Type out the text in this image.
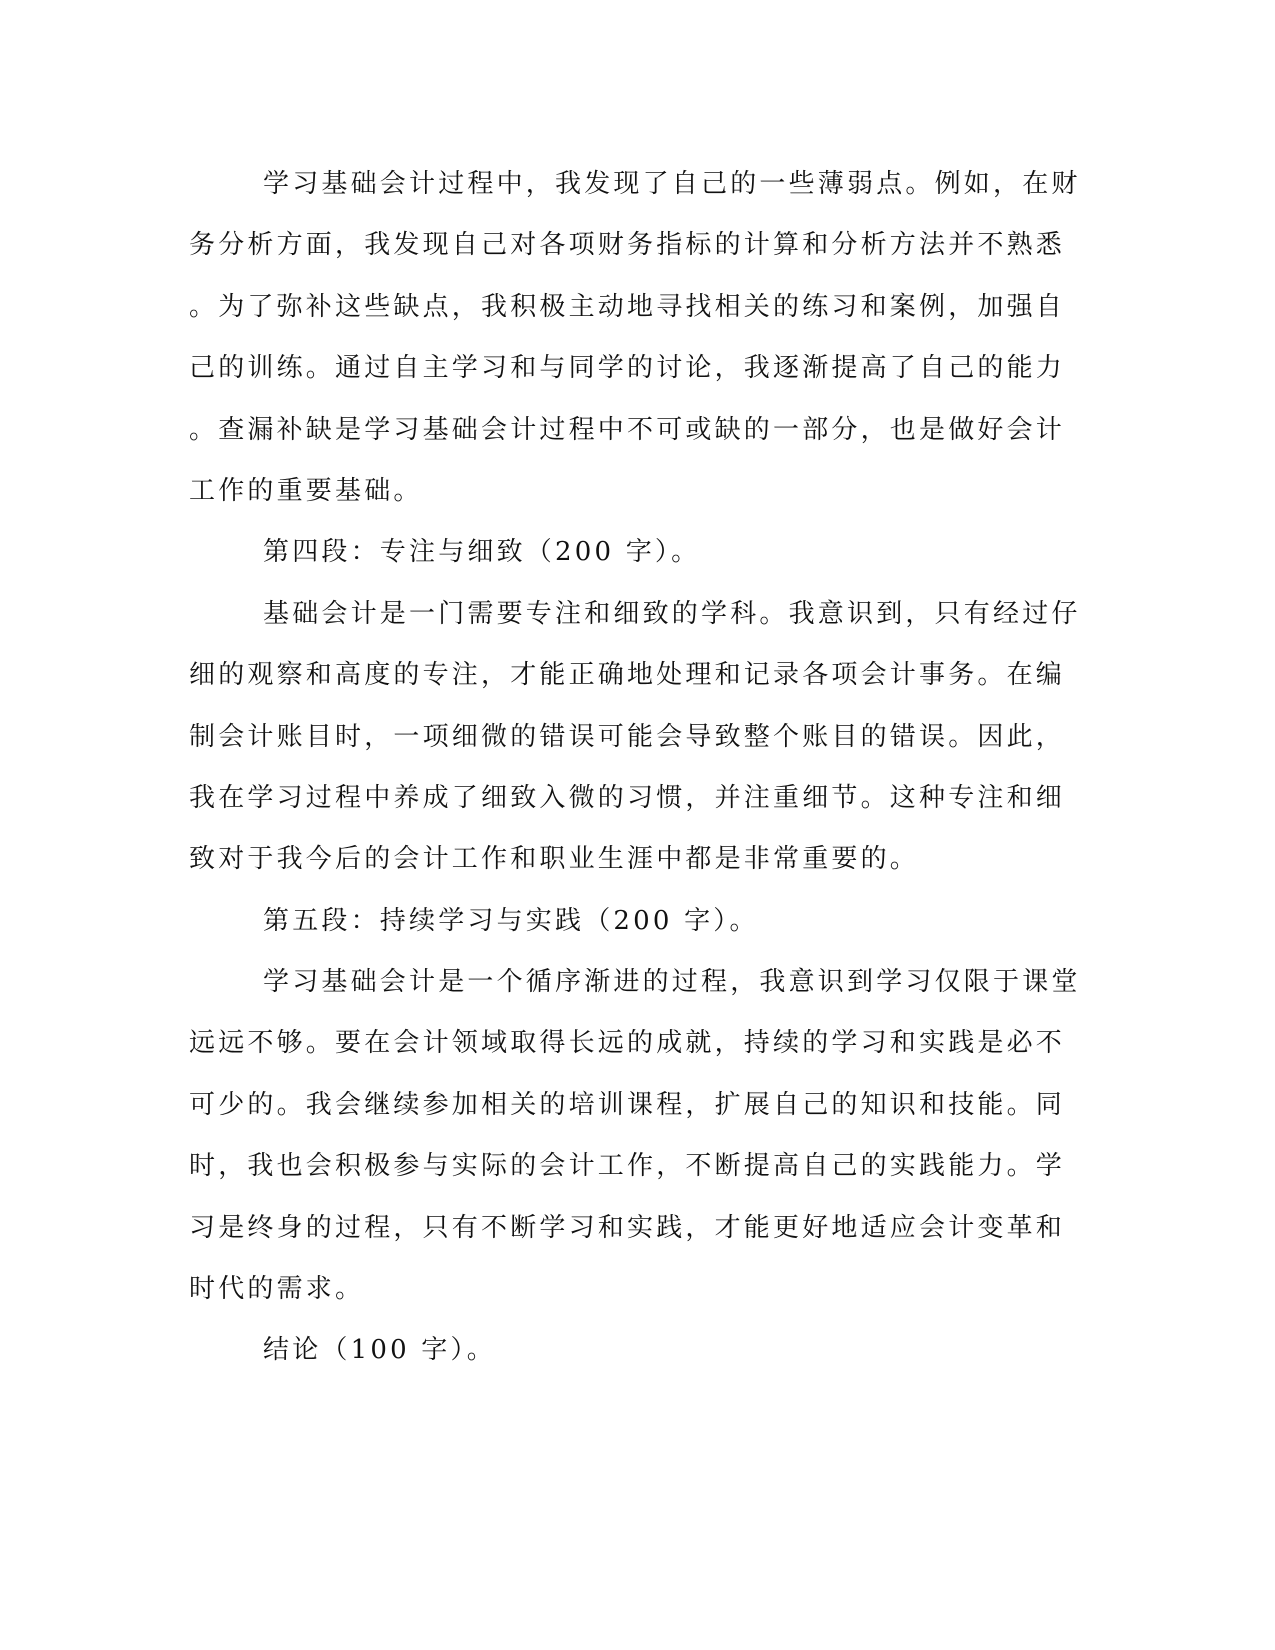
学习基础会计过程中，我发现了自己的一些薄弱点。例如，在财
务分析方面，我发现自己对各项财务指标的计算和分析方法并不熟悉
。为了弥补这些缺点，我积极主动地寻找相关的练习和案例，加强自
己的训练。通过自主学习和与同学的讨论，我逐渐提高了自己的能力
。查漏补缺是学习基础会计过程中不可或缺的一部分，也是做好会计
工作的重要基础。
第四段：专注与细致（200 字）。
基础会计是一门需要专注和细致的学科。我意识到，只有经过仔
细的观察和高度的专注，才能正确地处理和记录各项会计事务。在编
制会计账目时，一项细微的错误可能会导致整个账目的错误。因此，
我在学习过程中养成了细致入微的习惯，并注重细节。这种专注和细
致对于我今后的会计工作和职业生涯中都是非常重要的。
第五段：持续学习与实践（200 字）。
学习基础会计是一个循序渐进的过程，我意识到学习仅限于课堂
远远不够。要在会计领域取得长远的成就，持续的学习和实践是必不
可少的。我会继续参加相关的培训课程，扩展自己的知识和技能。同
时，我也会积极参与实际的会计工作，不断提高自己的实践能力。学
习是终身的过程，只有不断学习和实践，才能更好地适应会计变革和
时代的需求。
结论（100 字）。
